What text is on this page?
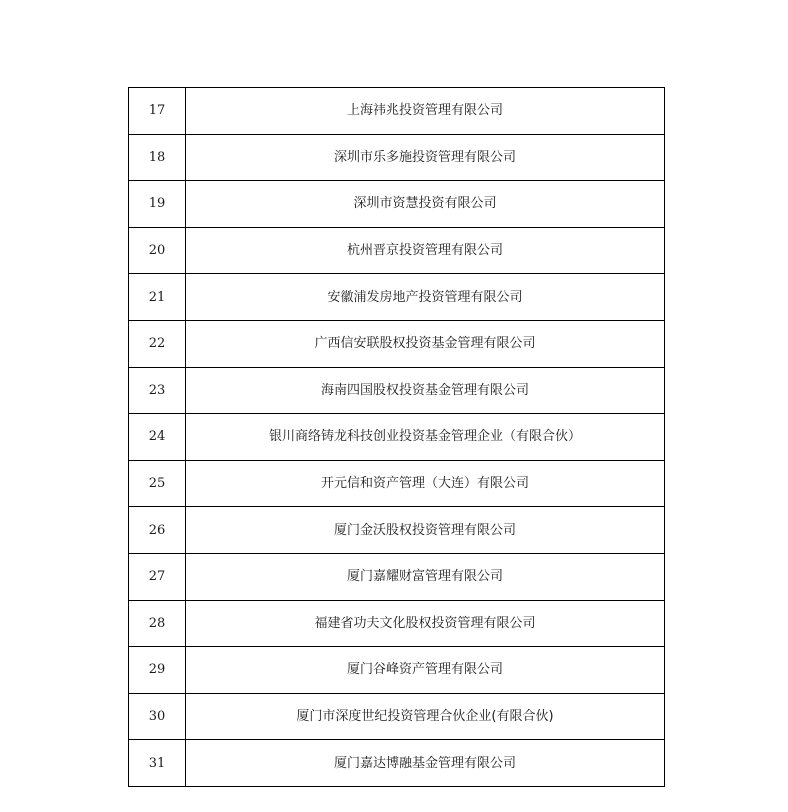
17	上海祎兆投资管理有限公司
18	深圳市乐多施投资管理有限公司
19	深圳市资慧投资有限公司
20	杭州晋京投资管理有限公司
21	安徽浦发房地产投资管理有限公司
22	广西信安联股权投资基金管理有限公司
23	海南四国股权投资基金管理有限公司
24	银川商络铸龙科技创业投资基金管理企业（有限合伙）
25	开元信和资产管理（大连）有限公司
26	厦门金沃股权投资管理有限公司
27	厦门嘉耀财富管理有限公司
28	福建省功夫文化股权投资管理有限公司
29	厦门谷峰资产管理有限公司
30	厦门市深度世纪投资管理合伙企业(有限合伙)
31	厦门嘉达博融基金管理有限公司
